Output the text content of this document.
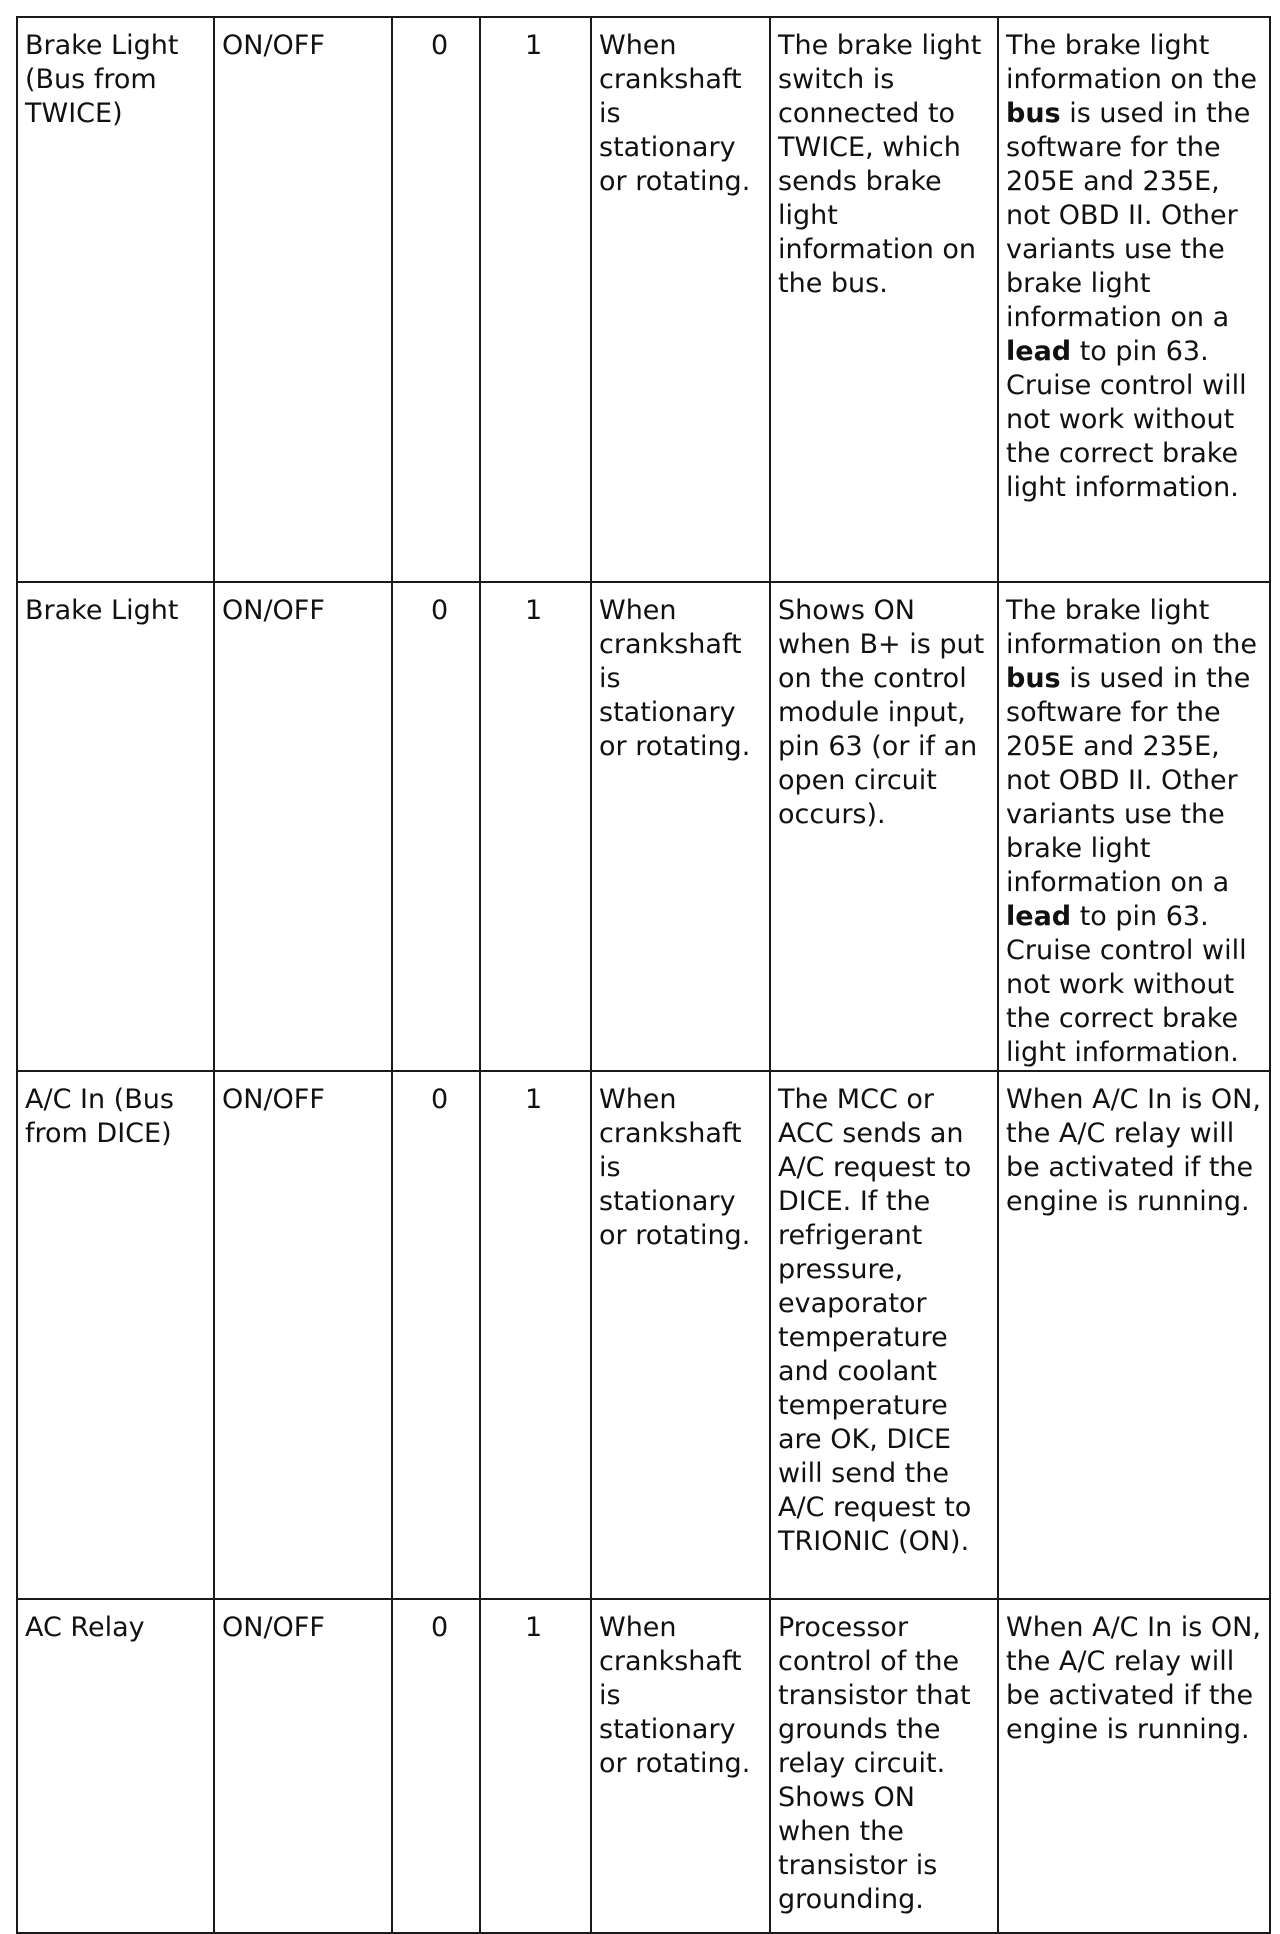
Brake Light (Bus from TWICE)	ON/OFF	0	1	When crankshaft is stationary or rotating.	The brake light switch is connected to TWICE, which sends brake light information on the bus.	The brake light information on the bus is used in the software for the 205E and 235E, not OBD II. Other variants use the brake light information on a lead to pin 63. Cruise control will not work without the correct brake light information.
Brake Light	ON/OFF	0	1	When crankshaft is stationary or rotating.	Shows ON when B+ is put on the control module input, pin 63 (or if an open circuit occurs).	The brake light information on the bus is used in the software for the 205E and 235E, not OBD II. Other variants use the brake light information on a lead to pin 63. Cruise control will not work without the correct brake light information.
A/C In (Bus from DICE)	ON/OFF	0	1	When crankshaft is stationary or rotating.	The MCC or ACC sends an A/C request to DICE. If the refrigerant pressure, evaporator temperature and coolant temperature are OK, DICE will send the A/C request to TRIONIC (ON).	When A/C In is ON, the A/C relay will be activated if the engine is running.
AC Relay	ON/OFF	0	1	When crankshaft is stationary or rotating.	Processor control of the transistor that grounds the relay circuit. Shows ON when the transistor is grounding.	When A/C In is ON, the A/C relay will be activated if the engine is running.
